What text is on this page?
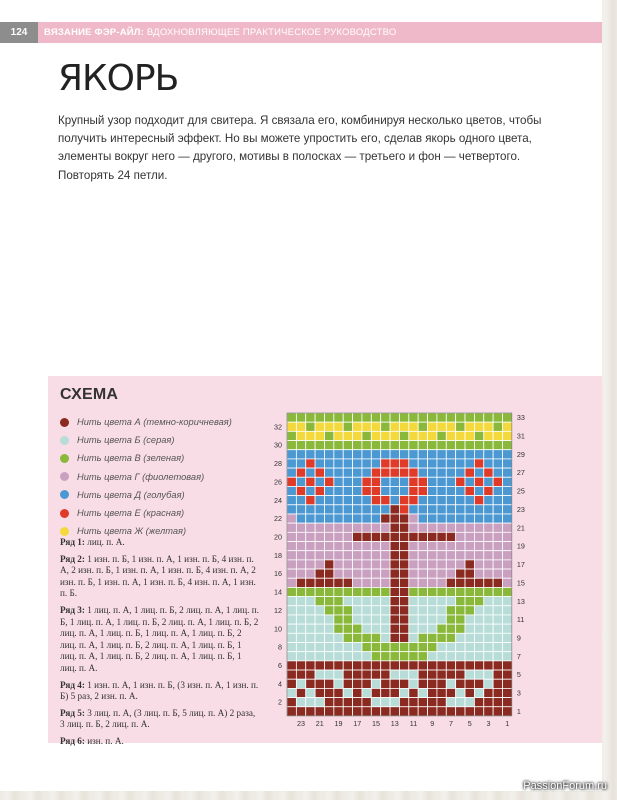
124	ВЯЗАНИЕ ФЭР-АЙЛ: ВДОХНОВЛЯЮЩЕЕ ПРАКТИЧЕСКОЕ РУКОВОДСТВО
ЯКОРЬ
Крупный узор подходит для свитера. Я связала его, комбинируя несколько цветов, чтобы получить интересный эффект. Но вы можете упростить его, сделав якорь одного цвета, элементы вокруг него — другого, мотивы в полосках — третьего и фон — четвертого. Повторять 24 петли.
СХЕМА
Нить цвета А (темно-коричневая)
Нить цвета Б (серая)
Нить цвета В (зеленая)
Нить цвета Г (фиолетовая)
Нить цвета Д (голубая)
Нить цвета Е (красная)
Нить цвета Ж (желтая)

Ряд 1: лиц. п. А.

Ряд 2: 1 изн. п. Б, 1 изн. п. А, 1 изн. п. Б, 4 изн. п. А, 2 изн. п. Б, 1 изн. п. А, 1 изн. п. Б, 4 изн. п. А, 2 изн. п. Б, 1 изн. п. А, 1 изн. п. Б, 4 изн. п. А, 1 изн. п. Б.

Ряд 3: 1 лиц. п. А, 1 лиц. п. Б, 2 лиц. п. А, 1 лиц. п. Б, 1 лиц. п. А, 1 лиц. п. Б, 2 лиц. п. А, 1 лиц. п. Б, 2 лиц. п. А, 1 лиц. п. Б, 1 лиц. п. А, 1 лиц. п. Б, 2 лиц. п. А, 1 лиц. п. Б, 2 лиц. п. А, 1 лиц. п. Б, 1 лиц. п. А, 1 лиц. п. Б, 2 лиц. п. А, 1 лиц. п. Б, 1 лиц. п. А.

Ряд 4: 1 изн. п. А, 1 изн. п. Б, (3 изн. п. А, 1 изн. п. Б) 5 раз, 2 изн. п. А.

Ряд 5: 3 лиц. п. А, (3 лиц. п. Б, 5 лиц. п. А) 2 раза, 3 лиц. п. Б, 2 лиц. п. А.

Ряд 6: изн. п. А.

32
30
28
26
24
22
20
18
16
14
12
10
8
6
4
2
33
31
29
27
25
23
21
19
17
15
13
11
9
7
5
3
1
23 21 19 17 15 13 11 9 7 5 3 1
PassionForum.ru
